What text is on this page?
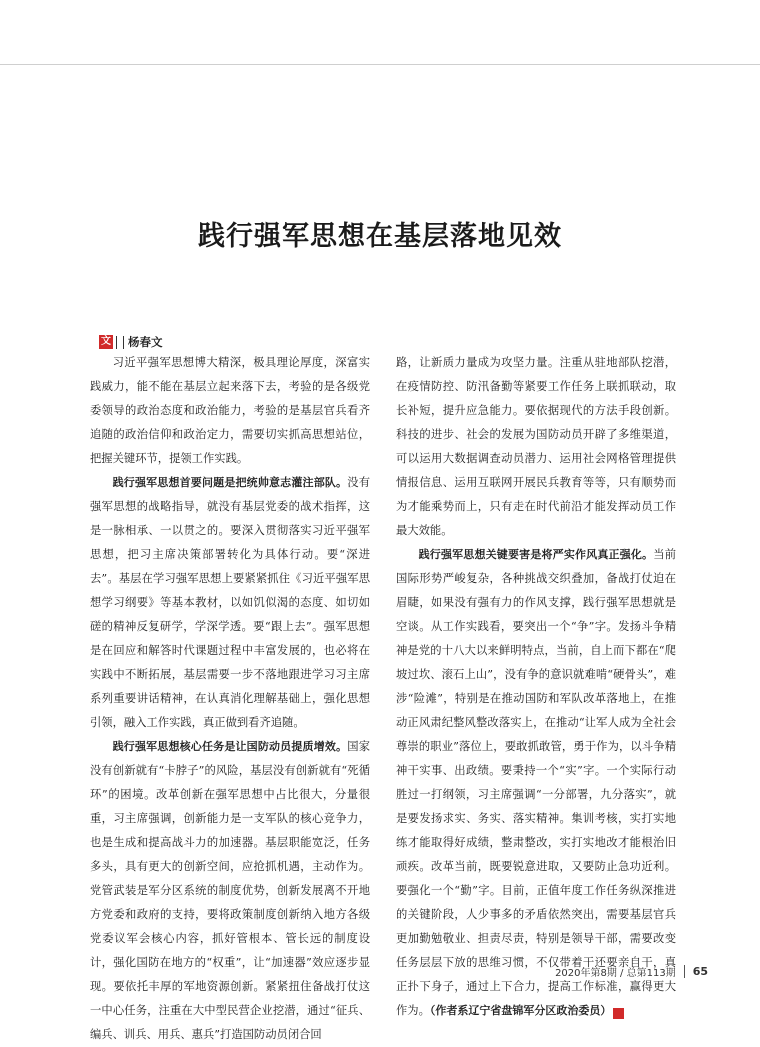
践行强军思想在基层落地见效
文 杨春文

习近平强军思想博大精深，极具理论厚度，深富实践威力，能不能在基层立起来落下去，考验的是各级党委领导的政治态度和政治能力，考验的是基层官兵看齐追随的政治信仰和政治定力，需要切实抓高思想站位，把握关键环节，提领工作实践。

践行强军思想首要问题是把统帅意志灌注部队。没有强军思想的战略指导，就没有基层党委的战术指挥，这是一脉相承、一以贯之的。要深入贯彻落实习近平强军思想，把习主席决策部署转化为具体行动。要“深进去”。基层在学习强军思想上要紧紧抓住《习近平强军思想学习纲要》等基本教材，以如饥似渴的态度、如切如磋的精神反复研学，学深学透。要“跟上去”。强军思想是在回应和解答时代课题过程中丰富发展的，也必将在实践中不断拓展，基层需要一步不落地跟进学习习主席系列重要讲话精神，在认真消化理解基础上，强化思想引领，融入工作实践，真正做到看齐追随。

践行强军思想核心任务是让国防动员提质增效。国家没有创新就有“卡脖子”的风险，基层没有创新就有“死循环”的困境。改革创新在强军思想中占比很大，分量很重，习主席强调，创新能力是一支军队的核心竞争力，也是生成和提高战斗力的加速器。基层职能宽泛，任务多头，具有更大的创新空间，应抢抓机遇，主动作为。党管武装是军分区系统的制度优势，创新发展离不开地方党委和政府的支持，要将政策制度创新纳入地方各级党委议军会核心内容，抓好管根本、管长远的制度设计，强化国防在地方的“权重”，让“加速器”效应逐步显现。要依托丰厚的军地资源创新。紧紧扭住备战打仗这一中心任务，注重在大中型民营企业挖潜，通过“征兵、编兵、训兵、用兵、惠兵”打造国防动员闭合回

路，让新质力量成为攻坚力量。注重从驻地部队挖潜，在疫情防控、防汛备勤等紧要工作任务上联抓联动，取长补短，提升应急能力。要依据现代的方法手段创新。科技的进步、社会的发展为国防动员开辟了多维渠道，可以运用大数据调查动员潜力、运用社会网格管理提供情报信息、运用互联网开展民兵教育等等，只有顺势而为才能乘势而上，只有走在时代前沿才能发挥动员工作最大效能。

践行强军思想关键要害是将严实作风真正强化。当前国际形势严峻复杂，各种挑战交织叠加，备战打仗迫在眉睫，如果没有强有力的作风支撑，践行强军思想就是空谈。从工作实践看，要突出一个“争”字。发扬斗争精神是党的十八大以来鲜明特点，当前，自上而下都在“爬坡过坎、滚石上山”，没有争的意识就难啃“硬骨头”，难涉“险滩”，特别是在推动国防和军队改革落地上，在推动正风肃纪整风整改落实上，在推动“让军人成为全社会尊崇的职业”落位上，要敢抓敢管，勇于作为，以斗争精神干实事、出政绩。要秉持一个“实”字。一个实际行动胜过一打纲领，习主席强调“一分部署，九分落实”，就是要发扬求实、务实、落实精神。集训考核，实打实地练才能取得好成绩，整肃整改，实打实地改才能根治旧顽疾。改革当前，既要锐意进取，又要防止急功近利。要强化一个“勤”字。目前，正值年度工作任务纵深推进的关键阶段，人少事多的矛盾依然突出，需要基层官兵更加勤勉敬业、担责尽责，特别是领导干部，需要改变任务层层下放的思维习惯，不仅带着干还要亲自干，真正扑下身子，通过上下合力，提高工作标准，赢得更大作为。（作者系辽宁省盘锦军分区政治委员）	G

2020年第8期 / 总第113期 65
